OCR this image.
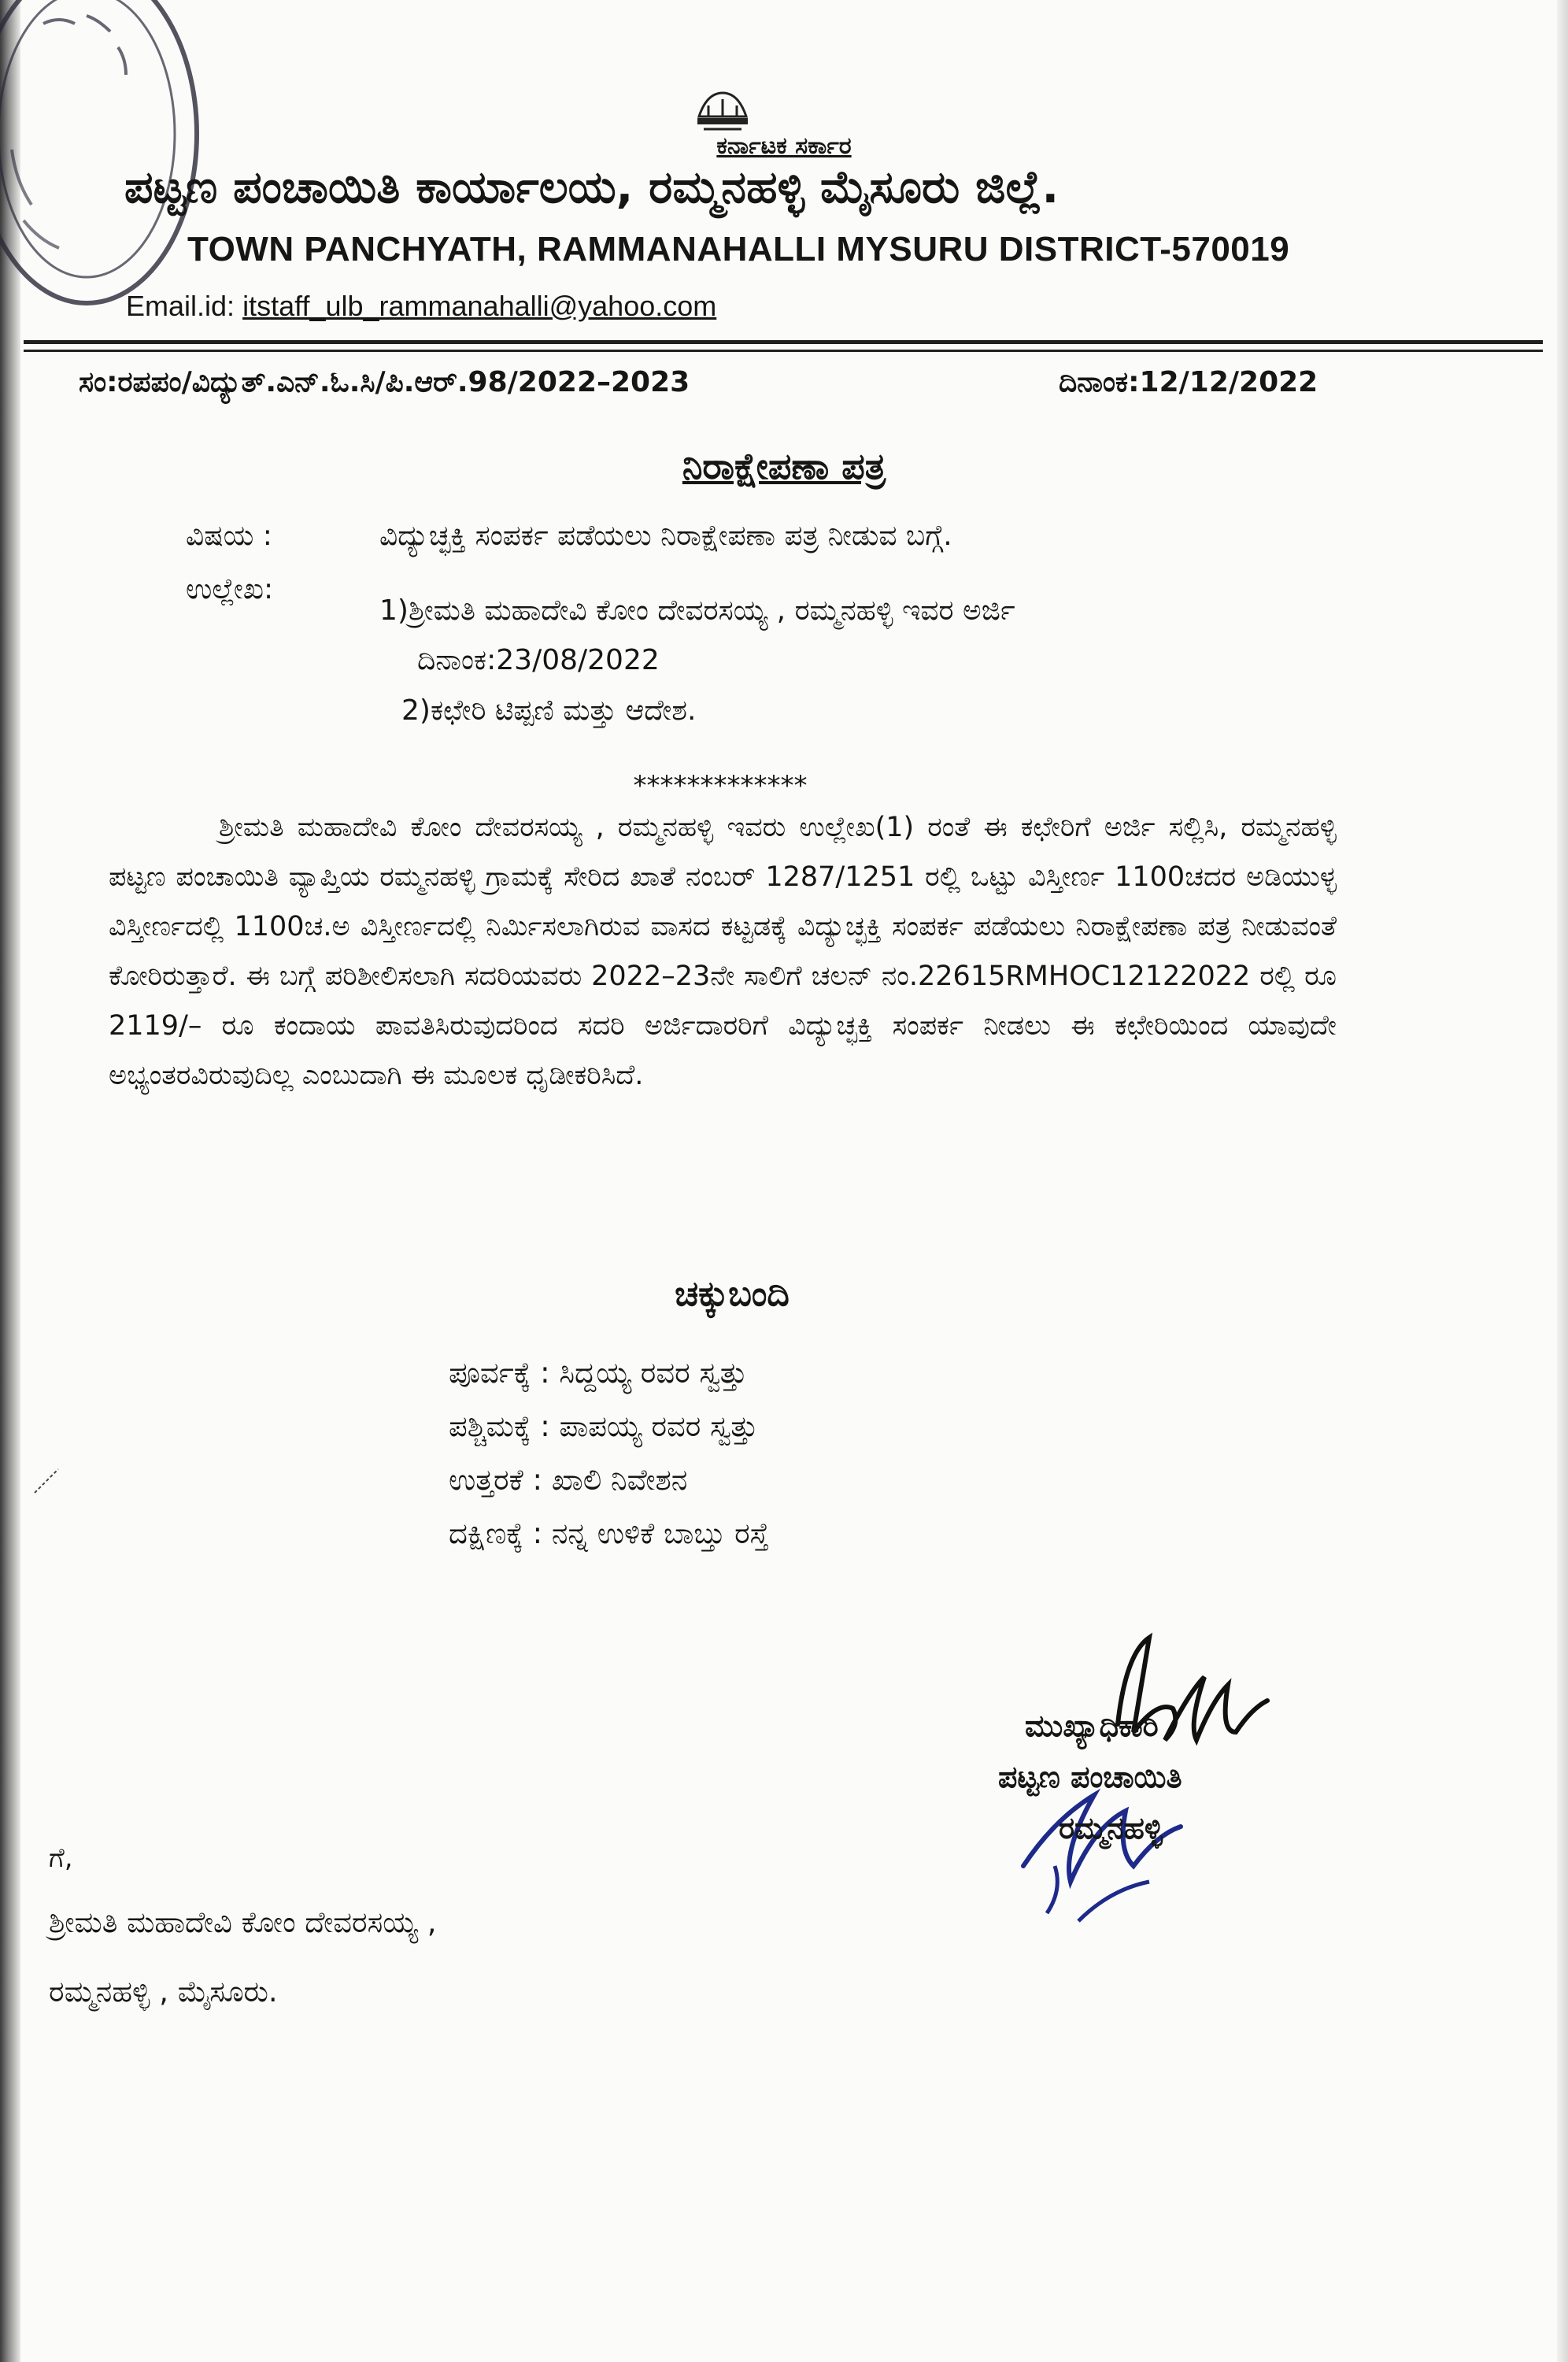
ಕರ್ನಾಟಕ ಸರ್ಕಾರ
ಪಟ್ಟಣ ಪಂಚಾಯಿತಿ ಕಾರ್ಯಾಲಯ, ರಮ್ಮನಹಳ್ಳಿ ಮೈಸೂರು ಜಿಲ್ಲೆ.
TOWN PANCHYATH, RAMMANAHALLI MYSURU DISTRICT-570019
Email.id: itstaff_ulb_rammanahalli@yahoo.com
ಸಂ:ರಪಪಂ/ವಿದ್ಯುತ್.ಎನ್.ಓ.ಸಿ/ಪಿ.ಆರ್.98/2022–2023	ದಿನಾಂಕ:12/12/2022
ನಿರಾಕ್ಷೇಪಣಾ ಪತ್ರ
ವಿಷಯ :	ವಿದ್ಯುಚ್ಛಕ್ತಿ ಸಂಪರ್ಕ ಪಡೆಯಲು ನಿರಾಕ್ಷೇಪಣಾ ಪತ್ರ ನೀಡುವ ಬಗ್ಗೆ.
ಉಲ್ಲೇಖ:
1)ಶ್ರೀಮತಿ ಮಹಾದೇವಿ ಕೋಂ ದೇವರಸಯ್ಯ , ರಮ್ಮನಹಳ್ಳಿ ಇವರ ಅರ್ಜಿ
ದಿನಾಂಕ:23/08/2022
2)ಕಛೇರಿ ಟಿಪ್ಪಣಿ ಮತ್ತು ಆದೇಶ.
*************
ಶ್ರೀಮತಿ ಮಹಾದೇವಿ ಕೋಂ ದೇವರಸಯ್ಯ , ರಮ್ಮನಹಳ್ಳಿ ಇವರು ಉಲ್ಲೇಖ(1) ರಂತೆ ಈ ಕಛೇರಿಗೆ ಅರ್ಜಿ ಸಲ್ಲಿಸಿ, ರಮ್ಮನಹಳ್ಳಿ ಪಟ್ಟಣ ಪಂಚಾಯಿತಿ ವ್ಯಾಪ್ತಿಯ ರಮ್ಮನಹಳ್ಳಿ ಗ್ರಾಮಕ್ಕೆ ಸೇರಿದ ಖಾತೆ ನಂಬರ್ 1287/1251 ರಲ್ಲಿ ಒಟ್ಟು ವಿಸ್ತೀರ್ಣ 1100ಚದರ ಅಡಿಯುಳ್ಳ ವಿಸ್ತೀರ್ಣದಲ್ಲಿ 1100ಚ.ಅ ವಿಸ್ತೀರ್ಣದಲ್ಲಿ ನಿರ್ಮಿಸಲಾಗಿರುವ ವಾಸದ ಕಟ್ಟಡಕ್ಕೆ ವಿದ್ಯುಚ್ಛಕ್ತಿ ಸಂಪರ್ಕ ಪಡೆಯಲು ನಿರಾಕ್ಷೇಪಣಾ ಪತ್ರ ನೀಡುವಂತೆ ಕೋರಿರುತ್ತಾರೆ. ಈ ಬಗ್ಗೆ ಪರಿಶೀಲಿಸಲಾಗಿ ಸದರಿಯವರು 2022–23ನೇ ಸಾಲಿಗೆ ಚಲನ್ ನಂ.22615RMHOC12122022 ರಲ್ಲಿ ರೂ 2119/– ರೂ ಕಂದಾಯ ಪಾವತಿಸಿರುವುದರಿಂದ ಸದರಿ ಅರ್ಜಿದಾರರಿಗೆ ವಿದ್ಯುಚ್ಛಕ್ತಿ ಸಂಪರ್ಕ ನೀಡಲು ಈ ಕಛೇರಿಯಿಂದ ಯಾವುದೇ ಅಭ್ಯಂತರವಿರುವುದಿಲ್ಲ ಎಂಬುದಾಗಿ ಈ ಮೂಲಕ ಧೃಡೀಕರಿಸಿದೆ.
ಚಕ್ಕುಬಂದಿ
ಪೂರ್ವಕ್ಕೆ : ಸಿದ್ದಯ್ಯ ರವರ ಸ್ವತ್ತು
ಪಶ್ಚಿಮಕ್ಕೆ : ಪಾಪಯ್ಯ ರವರ ಸ್ವತ್ತು
ಉತ್ತರಕೆ : ಖಾಲಿ ನಿವೇಶನ
ದಕ್ಷಿಣಕ್ಕೆ : ನನ್ನ ಉಳಿಕೆ ಬಾಬ್ತು ರಸ್ತೆ
ಮುಖ್ಯಾಧಿಕಾರಿ
ಪಟ್ಟಣ ಪಂಚಾಯಿತಿ
ರಮ್ಮನಹಳ್ಳಿ
ಗೆ,
ಶ್ರೀಮತಿ ಮಹಾದೇವಿ ಕೋಂ ದೇವರಸಯ್ಯ ,
ರಮ್ಮನಹಳ್ಳಿ , ಮೈಸೂರು.
